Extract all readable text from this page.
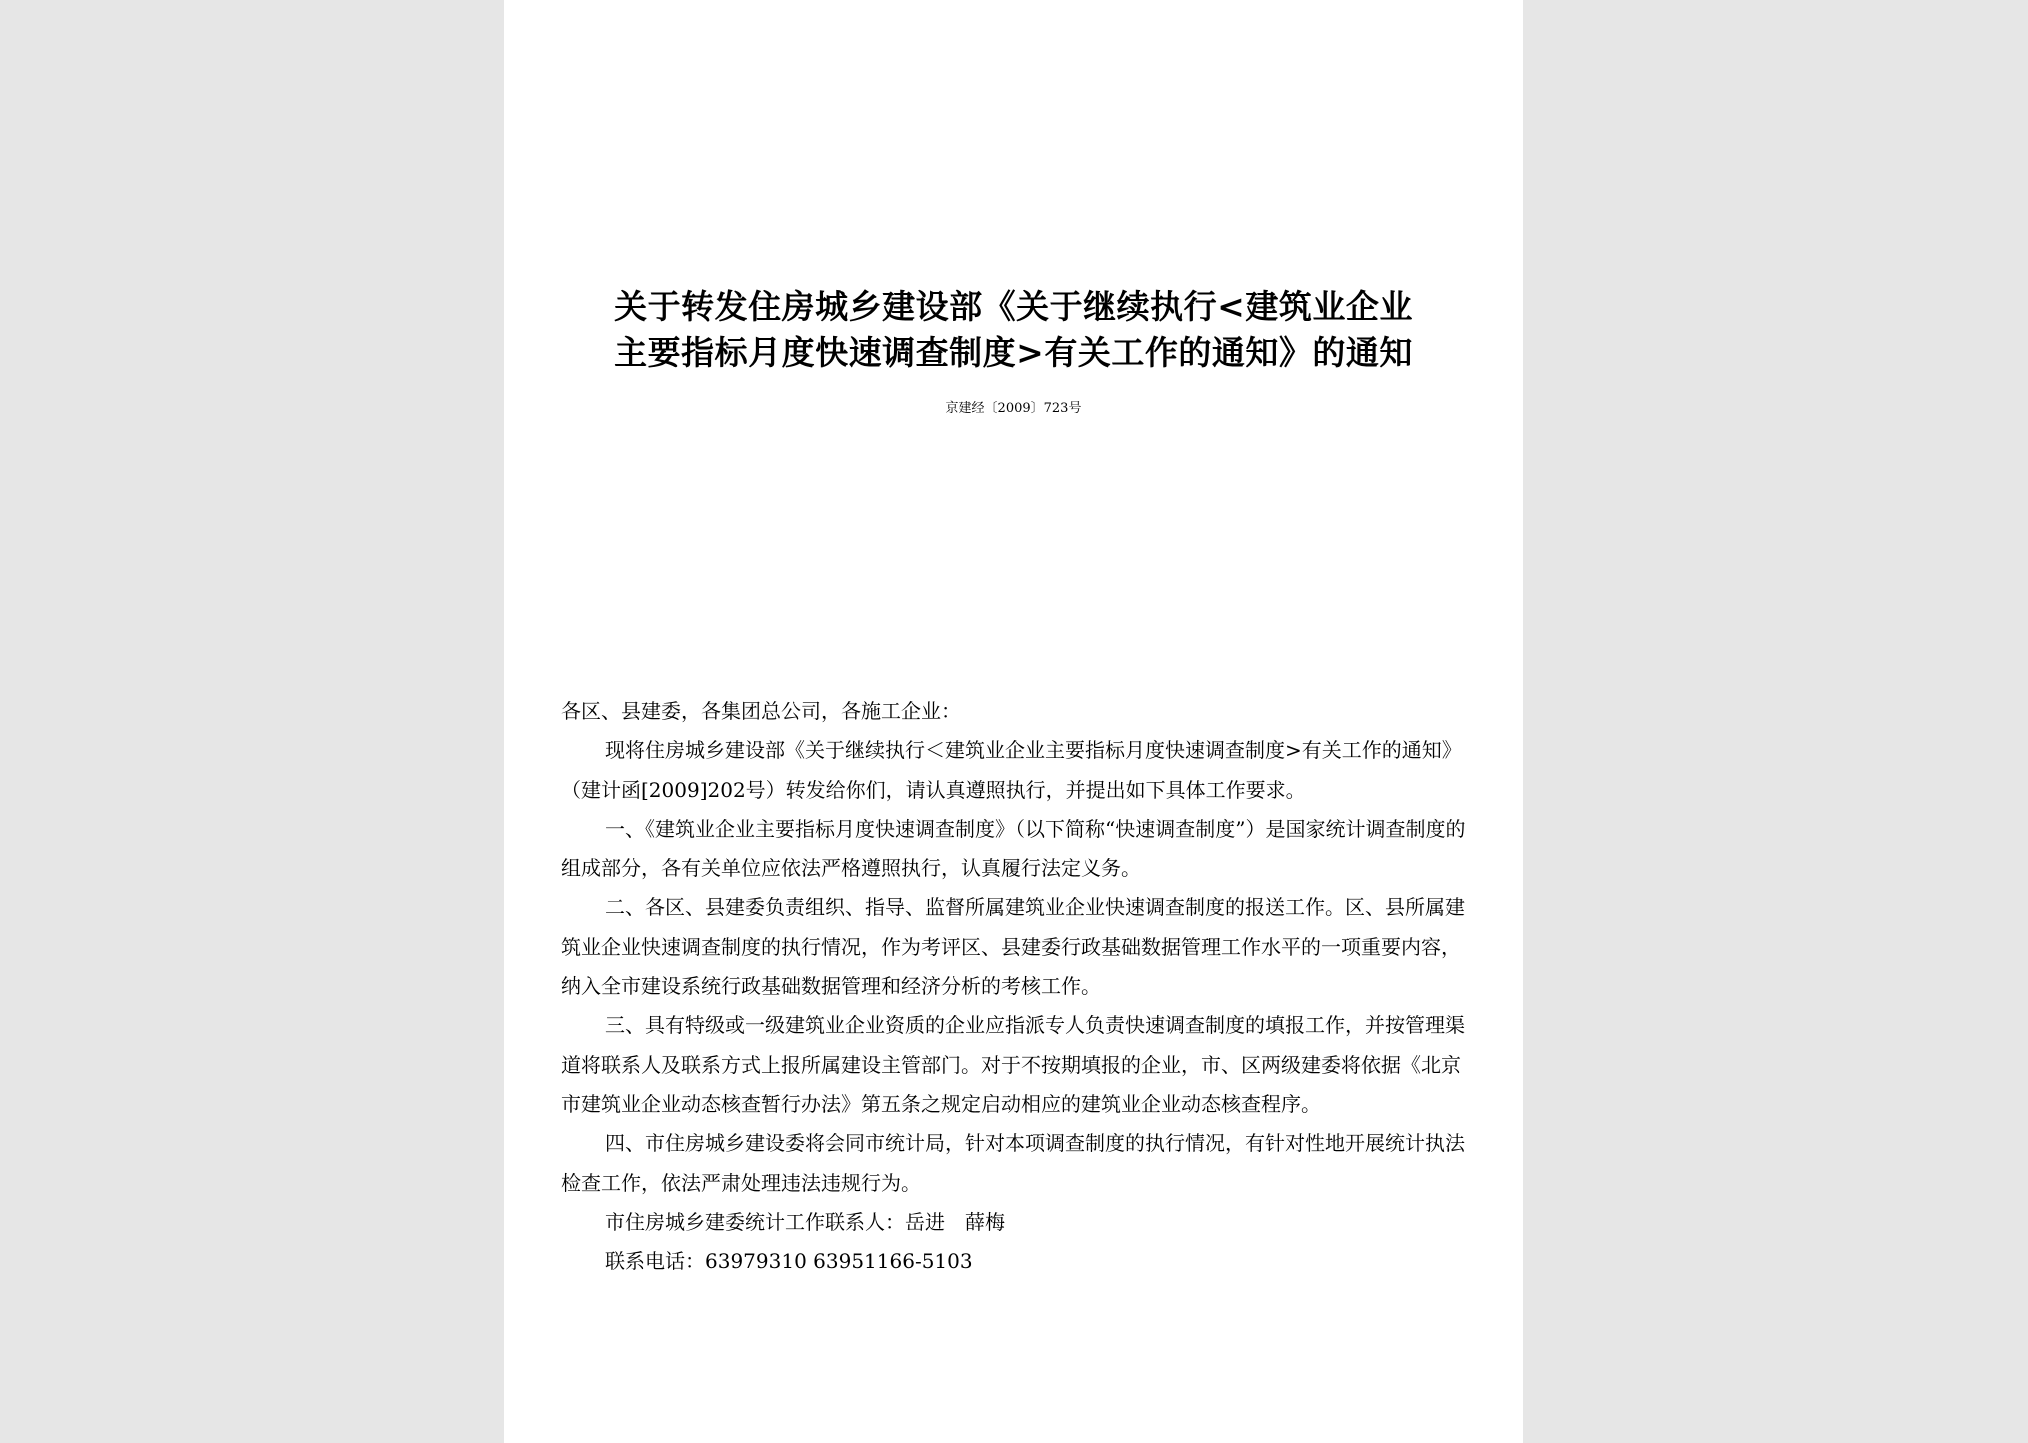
关于转发住房城乡建设部《关于继续执行<建筑业企业
主要指标月度快速调查制度>有关工作的通知》的通知
京建经〔2009〕723号

各区、县建委，各集团总公司，各施工企业：

现将住房城乡建设部《关于继续执行＜建筑业企业主要指标月度快速调查制度>有关工作的通知》（建计函[2009]202号）转发给你们，请认真遵照执行，并提出如下具体工作要求。

一、《建筑业企业主要指标月度快速调查制度》（以下简称“快速调查制度”）是国家统计调查制度的组成部分，各有关单位应依法严格遵照执行，认真履行法定义务。

二、各区、县建委负责组织、指导、监督所属建筑业企业快速调查制度的报送工作。区、县所属建筑业企业快速调查制度的执行情况，作为考评区、县建委行政基础数据管理工作水平的一项重要内容，纳入全市建设系统行政基础数据管理和经济分析的考核工作。

三、具有特级或一级建筑业企业资质的企业应指派专人负责快速调查制度的填报工作，并按管理渠道将联系人及联系方式上报所属建设主管部门。对于不按期填报的企业，市、区两级建委将依据《北京市建筑业企业动态核查暂行办法》第五条之规定启动相应的建筑业企业动态核查程序。

四、市住房城乡建设委将会同市统计局，针对本项调查制度的执行情况，有针对性地开展统计执法检查工作，依法严肃处理违法违规行为。

市住房城乡建委统计工作联系人：岳进　薛梅

联系电话：63979310 63951166-5103
